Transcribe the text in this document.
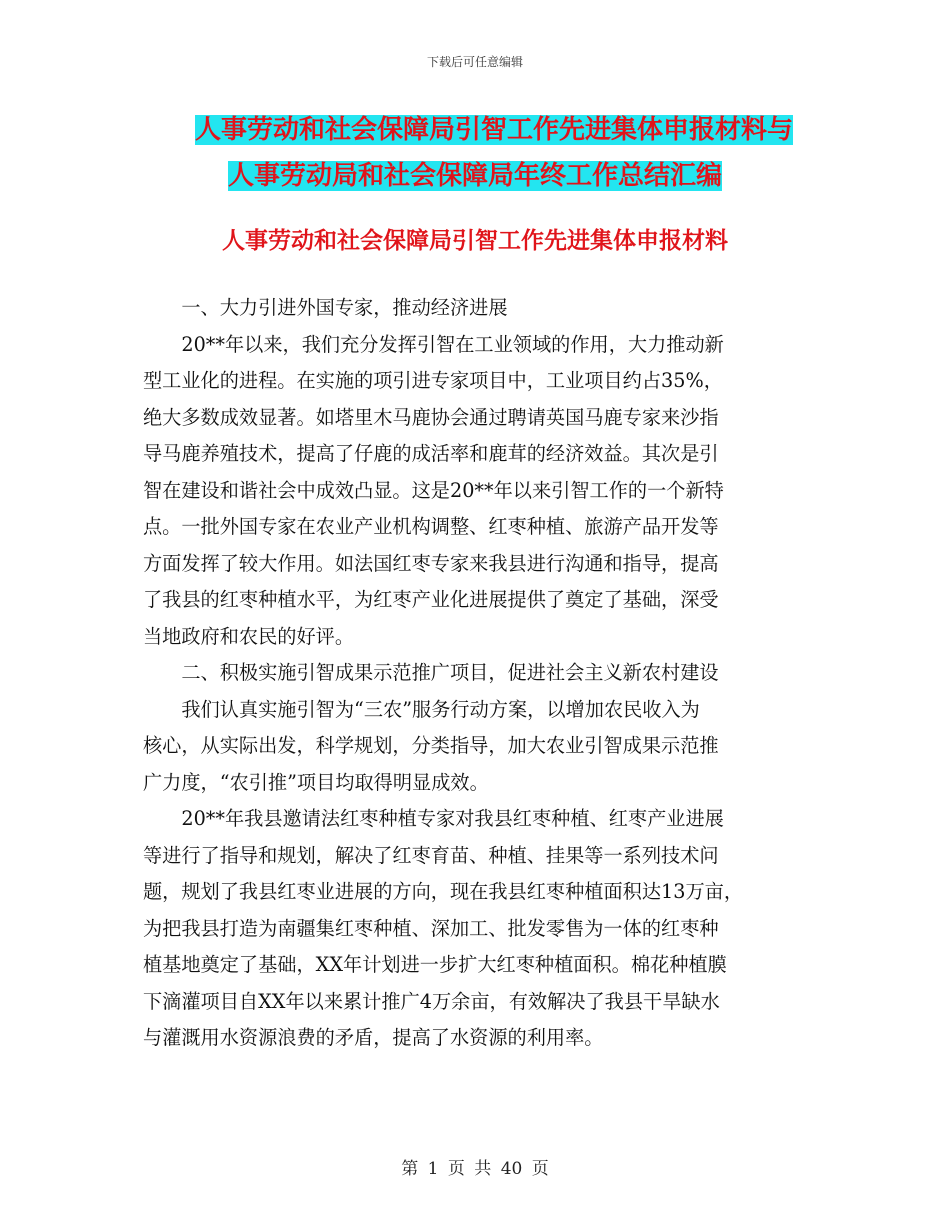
下载后可任意编辑
人事劳动和社会保障局引智工作先进集体申报材料与
人事劳动局和社会保障局年终工作总结汇编
人事劳动和社会保障局引智工作先进集体申报材料

　　一、大力引进外国专家，推动经济进展

　　20**年以来，我们充分发挥引智在工业领域的作用，大力推动新

型工业化的进程。在实施的项引进专家项目中，工业项目约占35%，

绝大多数成效显著。如塔里木马鹿协会通过聘请英国马鹿专家来沙指

导马鹿养殖技术，提高了仔鹿的成活率和鹿茸的经济效益。其次是引

智在建设和谐社会中成效凸显。这是20**年以来引智工作的一个新特

点。一批外国专家在农业产业机构调整、红枣种植、旅游产品开发等

方面发挥了较大作用。如法国红枣专家来我县进行沟通和指导，提高

了我县的红枣种植水平，为红枣产业化进展提供了奠定了基础，深受

当地政府和农民的好评。

　　二、积极实施引智成果示范推广项目，促进社会主义新农村建设

　　我们认真实施引智为“三农”服务行动方案，以增加农民收入为

核心，从实际出发，科学规划，分类指导，加大农业引智成果示范推

广力度，“农引推”项目均取得明显成效。

　　20**年我县邀请法红枣种植专家对我县红枣种植、红枣产业进展

等进行了指导和规划，解决了红枣育苗、种植、挂果等一系列技术问

题，规划了我县红枣业进展的方向，现在我县红枣种植面积达13万亩，

为把我县打造为南疆集红枣种植、深加工、批发零售为一体的红枣种

植基地奠定了基础，XX年计划进一步扩大红枣种植面积。棉花种植膜

下滴灌项目自XX年以来累计推广4万余亩，有效解决了我县干旱缺水

与灌溉用水资源浪费的矛盾，提高了水资源的利用率。

第 1 页 共 40 页
